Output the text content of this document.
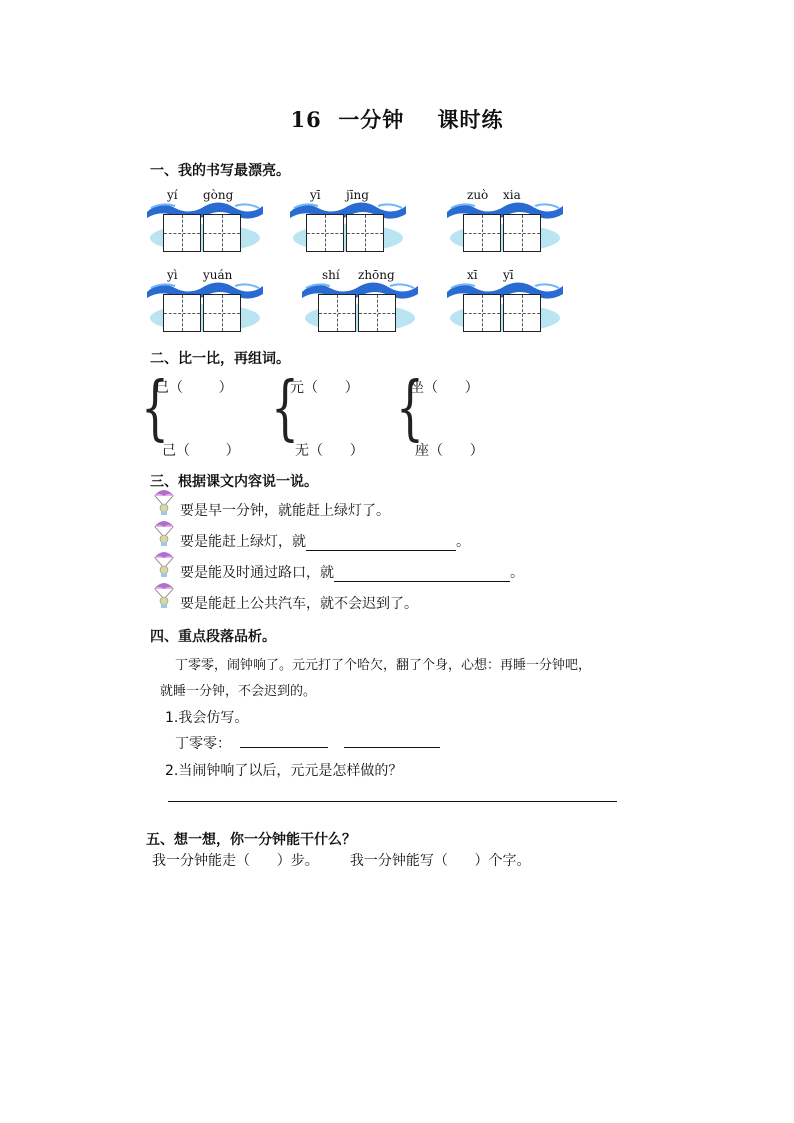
16  一分钟    课时练
一、我的书写最漂亮。
yí gòng	yī jīng	zuò xia
yì yuán	shí zhōng	xī yī
二、比一比，再组词。
{
已（        ）
己（        ）
{
元（      ）
无（      ）
{
坐（      ）
座（      ）
三、根据课文内容说一说。
要是早一分钟，就能赶上绿灯了。
要是能赶上绿灯，就	。
要是能及时通过路口，就	。
要是能赶上公共汽车，就不会迟到了。
四、重点段落品析。
丁零零，闹钟响了。元元打了个哈欠，翻了个身，心想：再睡一分钟吧，
就睡一分钟，不会迟到的。
1.我会仿写。
丁零零：
2.当闹钟响了以后，元元是怎样做的？
五、想一想，你一分钟能干什么？
我一分钟能走（      ）步。       我一分钟能写（      ）个字。
